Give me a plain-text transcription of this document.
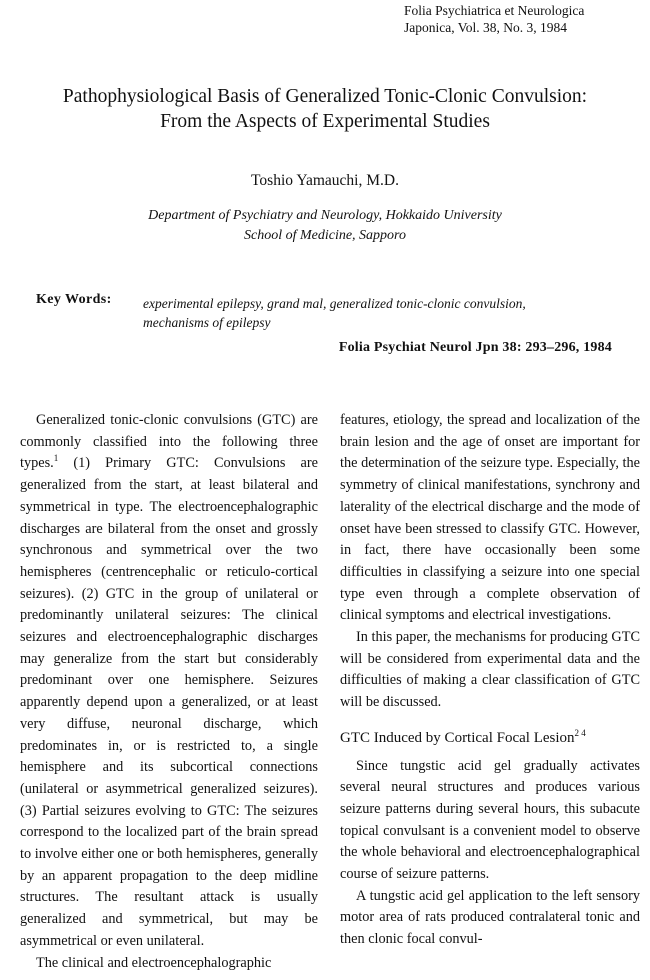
Folia Psychiatrica et Neurologica
Japonica, Vol. 38, No. 3, 1984
Pathophysiological Basis of Generalized Tonic-Clonic Convulsion:
From the Aspects of Experimental Studies
Toshio Yamauchi, M.D.
Department of Psychiatry and Neurology, Hokkaido University
School of Medicine, Sapporo
Key Words: experimental epilepsy, grand mal, generalized tonic-clonic convulsion,
mechanisms of epilepsy
Folia Psychiat Neurol Jpn 38: 293–296, 1984

Generalized tonic-clonic convulsions (GTC) are commonly classified into the following three types.$^1$ (1) Primary GTC: Convulsions are generalized from the start, at least bilateral and symmetrical in type. The electroencephalographic discharges are bilateral from the onset and grossly synchronous and symmetrical over the two hemispheres (centrencephalic or reticulo-cortical seizures). (2) GTC in the group of unilateral or predominantly unilateral seizures: The clinical seizures and electroencephalographic discharges may generalize from the start but considerably predominant over one hemisphere. Seizures apparently depend upon a generalized, or at least very diffuse, neuronal discharge, which predominates in, or is restricted to, a single hemisphere and its subcortical connections (unilateral or asymmetrical generalized seizures). (3) Partial seizures evolving to GTC: The seizures correspond to the localized part of the brain spread to involve either one or both hemispheres, generally by an apparent propagation to the deep midline structures. The resultant attack is usually generalized and symmetrical, but may be asymmetrical or even unilateral.

The clinical and electroencephalographic

features, etiology, the spread and localization of the brain lesion and the age of onset are important for the determination of the seizure type. Especially, the symmetry of clinical manifestations, synchrony and laterality of the electrical discharge and the mode of onset have been stressed to classify GTC. However, in fact, there have occasionally been some difficulties in classifying a seizure into one special type even through a complete observation of clinical symptoms and electrical investigations.

In this paper, the mechanisms for producing GTC will be considered from experimental data and the difficulties of making a clear classification of GTC will be discussed.

GTC Induced by Cortical Focal Lesion$^{2 4}$

Since tungstic acid gel gradually activates several neural structures and produces various seizure patterns during several hours, this subacute topical convulsant is a convenient model to observe the whole behavioral and electroencephalographical course of seizure patterns.

A tungstic acid gel application to the left sensory motor area of rats produced contralateral tonic and then clonic focal convul-
